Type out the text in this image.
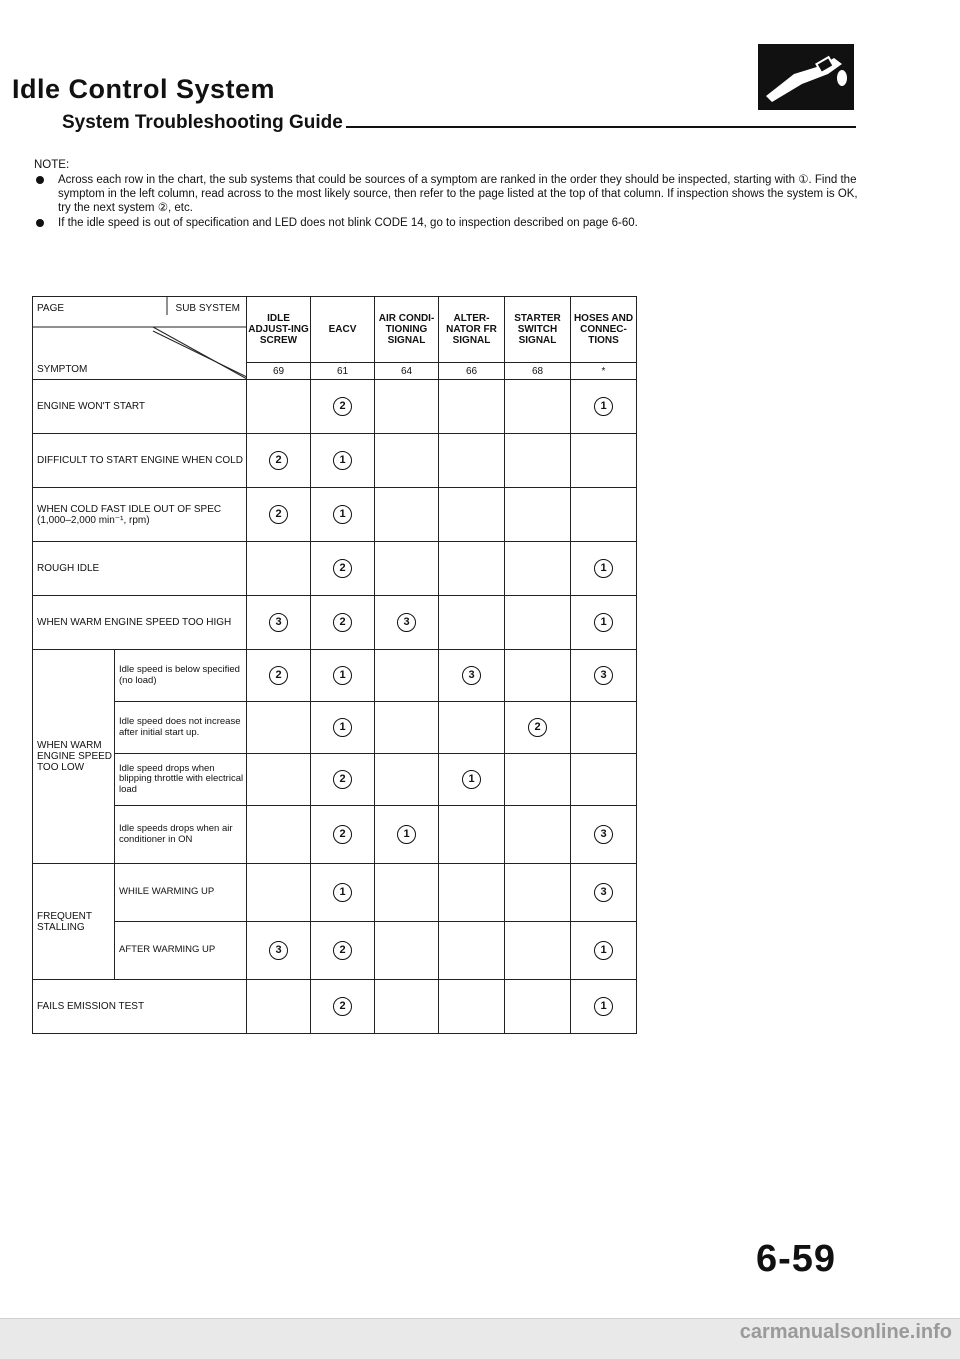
Idle Control System
System Troubleshooting Guide
NOTE:
Across each row in the chart, the sub systems that could be sources of a symptom are ranked in the order they should be inspected, starting with ①. Find the symptom in the left column, read across to the most likely source, then refer to the page listed at the top of that column. If inspection shows the system is OK, try the next system ②, etc.
If the idle speed is out of specification and LED does not blink CODE 14, go to inspection described on page 6-60.
PAGE SUB SYSTEM
SYMPTOM		IDLE ADJUST-ING SCREW	EACV	AIR CONDI-TIONING SIGNAL	ALTER-NATOR FR SIGNAL	STARTER SWITCH SIGNAL	HOSES AND CONNEC-TIONS
		69	61	64	66	68	*
ENGINE WON'T START			2				1
DIFFICULT TO START ENGINE WHEN COLD		2	1				
WHEN COLD FAST IDLE OUT OF SPEC (1,000–2,000 min⁻¹, rpm)		2	1				
ROUGH IDLE			2				1
WHEN WARM ENGINE SPEED TOO HIGH		3	2	3			1
WHEN WARM ENGINE SPEED TOO LOW	Idle speed is below specified (no load)	2	1		3		3
	Idle speed does not increase after initial start up.		1			2	
	Idle speed drops when blipping throttle with electrical load		2		1		
	Idle speeds drops when air conditioner in ON		2	1			3
FREQUENT STALLING	WHILE WARMING UP		1				3
	AFTER WARMING UP	3	2				1
FAILS EMISSION TEST			2				1
6-59
carmanualsonline.info
